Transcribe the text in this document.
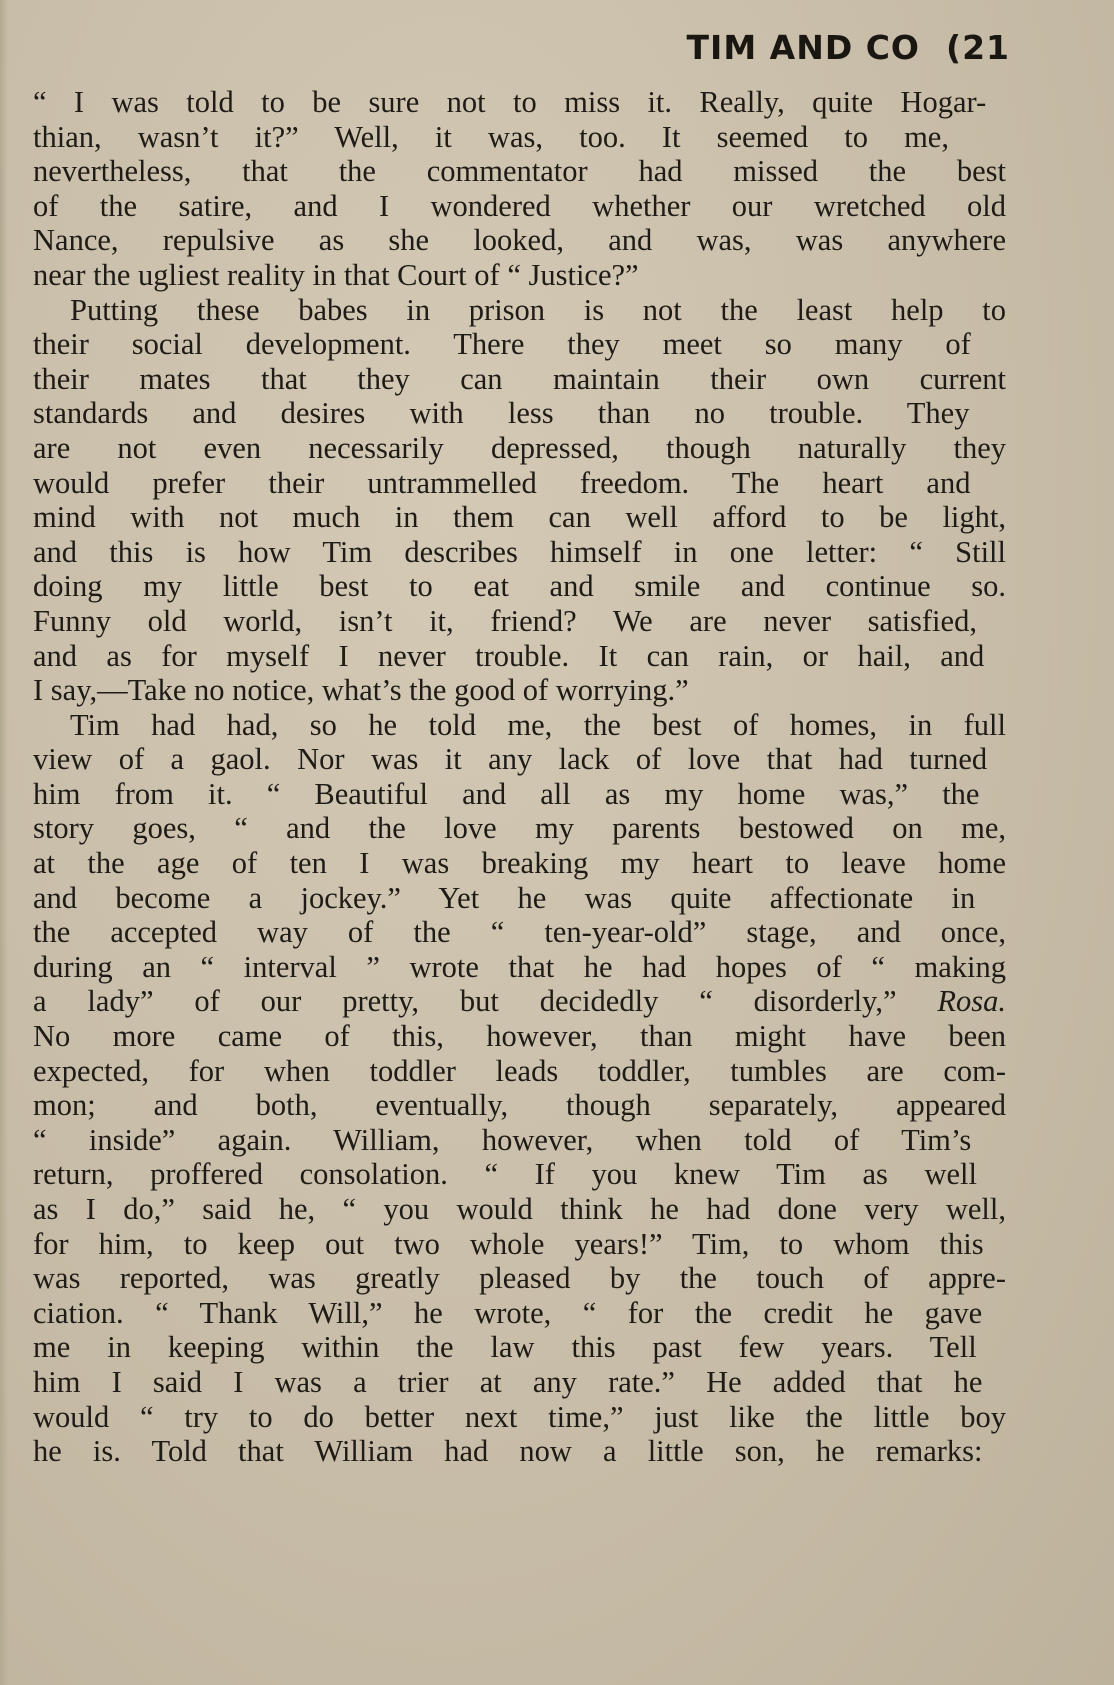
TIM AND CO (21
“ I was told to be sure not to miss it. Really, quite Hogar-
thian, wasn’t it?” Well, it was, too. It seemed to me,
nevertheless, that the commentator had missed the best
of the satire, and I wondered whether our wretched old
Nance, repulsive as she looked, and was, was anywhere
near the ugliest reality in that Court of “ Justice?”
Putting these babes in prison is not the least help to
their social development. There they meet so many of
their mates that they can maintain their own current
standards and desires with less than no trouble. They
are not even necessarily depressed, though naturally they
would prefer their untrammelled freedom. The heart and
mind with not much in them can well afford to be light,
and this is how Tim describes himself in one letter: “ Still
doing my little best to eat and smile and continue so.
Funny old world, isn’t it, friend? We are never satisfied,
and as for myself I never trouble. It can rain, or hail, and
I say,—Take no notice, what’s the good of worrying.”
Tim had had, so he told me, the best of homes, in full
view of a gaol. Nor was it any lack of love that had turned
him from it. “ Beautiful and all as my home was,” the
story goes, “ and the love my parents bestowed on me,
at the age of ten I was breaking my heart to leave home
and become a jockey.” Yet he was quite affectionate in
the accepted way of the “ ten-year-old” stage, and once,
during an “ interval ” wrote that he had hopes of “ making
a lady” of our pretty, but decidedly “ disorderly,” Rosa.
No more came of this, however, than might have been
expected, for when toddler leads toddler, tumbles are com-
mon; and both, eventually, though separately, appeared
“ inside” again. William, however, when told of Tim’s
return, proffered consolation. “ If you knew Tim as well
as I do,” said he, “ you would think he had done very well,
for him, to keep out two whole years!” Tim, to whom this
was reported, was greatly pleased by the touch of appre-
ciation. “ Thank Will,” he wrote, “ for the credit he gave
me in keeping within the law this past few years. Tell
him I said I was a trier at any rate.” He added that he
would “ try to do better next time,” just like the little boy
he is. Told that William had now a little son, he remarks:
